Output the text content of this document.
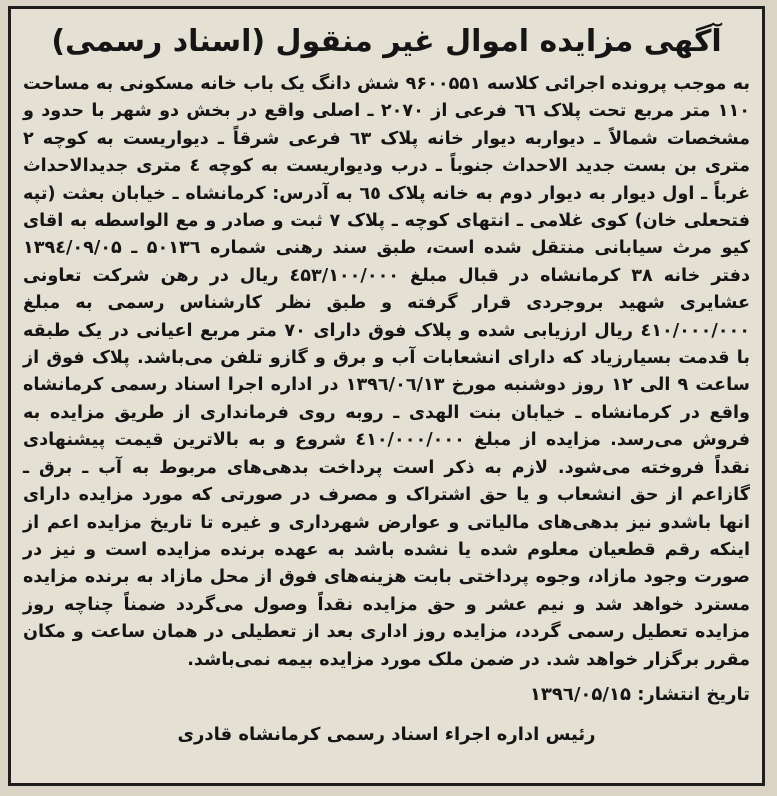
آگهی مزایده اموال غیر منقول (اسناد رسمی)
به موجب پرونده اجرائی کلاسه ۹۶۰۰۵۵۱ شش دانگ یک باب خانه مسکونی به مساحت ۱۱۰ متر مربع تحت پلاک ٦٦ فرعی از ۲۰۷۰ ـ اصلی واقع در بخش دو شهر با حدود و مشخصات شمالاً ـ دیواربه دیوار خانه پلاک ٦۳ فرعی شرقاً ـ دیواریست به کوچه ۲ متری بن بست جدید الاحداث جنوباً ـ درب ودیواریست به کوچه ٤ متری جدیدالاحداث غرباً ـ اول دیوار به دیوار دوم به خانه پلاک ٦٥ به آدرس: کرمانشاه ـ خیابان بعثت (تپه فتحعلی خان) کوی غلامی ـ انتهای کوچه ـ پلاک ۷ ثبت و صادر و مع الواسطه به اقای کیو مرث سیابانی منتقل شده است، طبق سند رهنی شماره ۵۰۱۳٦ ـ ۱۳۹٤/۰۹/۰۵ دفتر خانه ۳۸ کرمانشاه در قبال مبلغ ٤۵۳/۱۰۰/۰۰۰ ریال در رهن شرکت تعاونی عشایری شهید بروجردی قرار گرفته و طبق نظر کارشناس رسمی به مبلغ ٤۱۰/۰۰۰/۰۰۰ ریال ارزیابی شده و پلاک فوق دارای ۷۰ متر مربع اعیانی در یک طبقه با قدمت بسیارزیاد که دارای انشعابات آب و برق و گازو تلفن می‌باشد. پلاک فوق از ساعت ۹ الی ۱۲ روز دوشنبه مورخ ۱۳۹٦/۰٦/۱۳ در اداره اجرا اسناد رسمی کرمانشاه واقع در کرمانشاه ـ خیابان بنت الهدی ـ روبه روی فرمانداری از طریق مزایده به فروش می‌رسد. مزایده از مبلغ ٤۱۰/۰۰۰/۰۰۰ شروع و به بالاترین قیمت پیشنهادی نقداً فروخته می‌شود. لازم به ذکر است پرداخت بدهی‌های مربوط به آب ـ برق ـ گازاعم از حق انشعاب و یا حق اشتراک و مصرف در صورتی که مورد مزایده دارای انها باشدو نیز بدهی‌های مالیاتی و عوارض شهرداری و غیره تا تاریخ مزایده اعم از اینکه رقم قطعیان معلوم شده یا نشده باشد به عهده برنده مزایده است و نیز در صورت وجود مازاد، وجوه پرداختی بابت هزینه‌های فوق از محل مازاد به برنده مزایده مسترد خواهد شد و نیم عشر و حق مزایده نقداً وصول می‌گردد ضمناً چناچه روز مزایده تعطیل رسمی گردد، مزایده روز اداری بعد از تعطیلی در همان ساعت و مکان مقرر برگزار خواهد شد. در ضمن ملک مورد مزایده بیمه نمی‌باشد.
تاریخ انتشار: ۱۳۹٦/۰۵/۱۵
رئیس اداره اجراء اسناد رسمی کرمانشاه قادری
